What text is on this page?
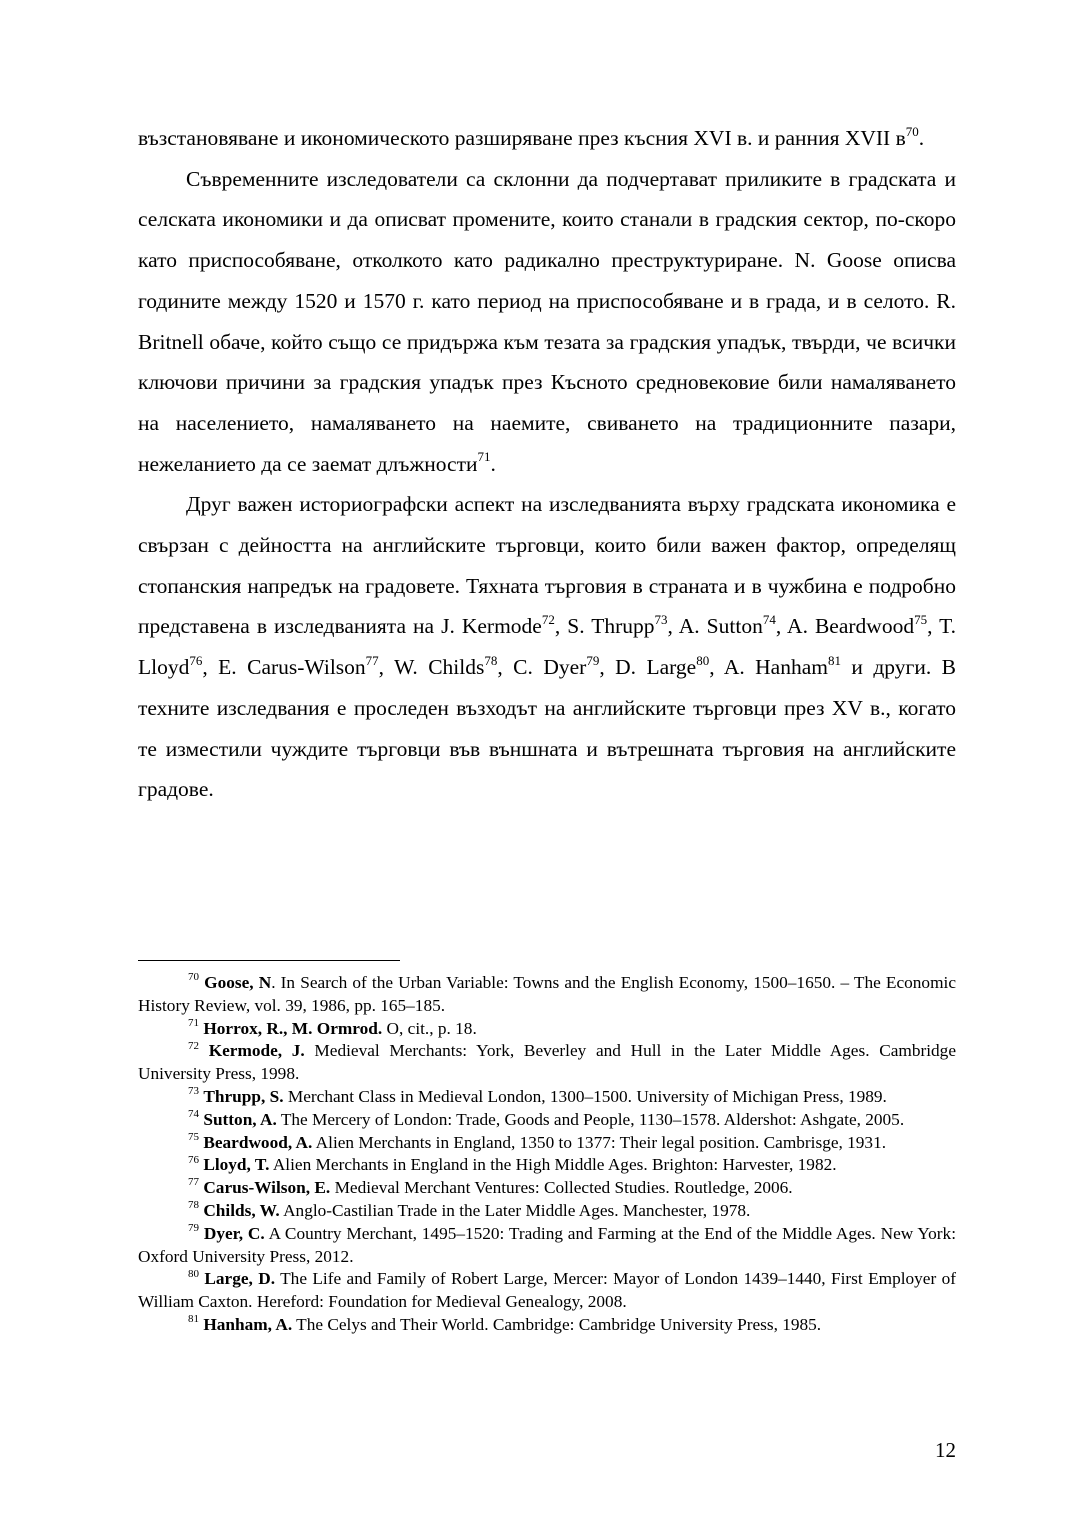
възстановяване и икономическото разширяване през късния XVI в. и ранния XVII $в^{70}$.

Съвременните изследователи са склонни да подчертават приликите в градската и селската икономики и да описват промените, които станали в градския сектор, по-скоро като приспособяване, отколкото като радикално преструктуриране. N. Goose описва годините между 1520 и 1570 г. като период на приспособяване и в града, и в селото. R. Britnell обаче, който също се придържа към тезата за градския упадък, твърди, че всички ключови причини за градския упадък през Късното средновековие били намаляването на населението, намаляването на наемите, свиването на традиционните пазари, нежеланието да се заемат длъжности$^{71}$.

Друг важен историографски аспект на изследванията върху градската икономика е свързан с дейността на английските търговци, които били важен фактор, определящ стопанския напредък на градовете. Тяхната търговия в страната и в чужбина е подробно представена в изследванията на J. Kermode$^{72}$, S. Thrupp$^{73}$, A. Sutton$^{74}$, A. Beardwood$^{75}$, T. Lloyd$^{76}$, E. Carus-Wilson$^{77}$, W. Childs$^{78}$, C. Dyer$^{79}$, D. Large$^{80}$, A. Hanham$^{81}$ и други. В техните изследвания е проследен възходът на английските търговци през XV в., когато те изместили чуждите търговци във външната и вътрешната търговия на английските градове.

$^{70}$ Goose, N. In Search of the Urban Variable: Towns and the English Economy, 1500–1650. – The Economic History Review, vol. 39, 1986, pp. 165–185.

$^{71}$ Horrox, R., M. Ormrod. O, cit., p. 18.

$^{72}$ Kermode, J. Medieval Merchants: York, Beverley and Hull in the Later Middle Ages. Cambridge University Press, 1998.

$^{73}$ Thrupp, S. Merchant Class in Medieval London, 1300–1500. University of Michigan Press, 1989.

$^{74}$ Sutton, A. The Mercery of London: Trade, Goods and People, 1130–1578. Aldershot: Ashgate, 2005.

$^{75}$ Beardwood, A. Alien Merchants in England, 1350 to 1377: Their legal position. Cambrisge, 1931.

$^{76}$ Lloyd, T. Alien Merchants in England in the High Middle Ages. Brighton: Harvester, 1982.

$^{77}$ Carus-Wilson, E. Medieval Merchant Ventures: Collected Studies. Routledge, 2006.

$^{78}$ Childs, W. Anglo-Castilian Trade in the Later Middle Ages. Manchester, 1978.

$^{79}$ Dyer, C. A Country Merchant, 1495–1520: Trading and Farming at the End of the Middle Ages. New York: Oxford University Press, 2012.

$^{80}$ Large, D. The Life and Family of Robert Large, Mercer: Mayor of London 1439–1440, First Employer of William Caxton. Hereford: Foundation for Medieval Genealogy, 2008.

$^{81}$ Hanham, A. The Celys and Their World. Cambridge: Cambridge University Press, 1985.

12
